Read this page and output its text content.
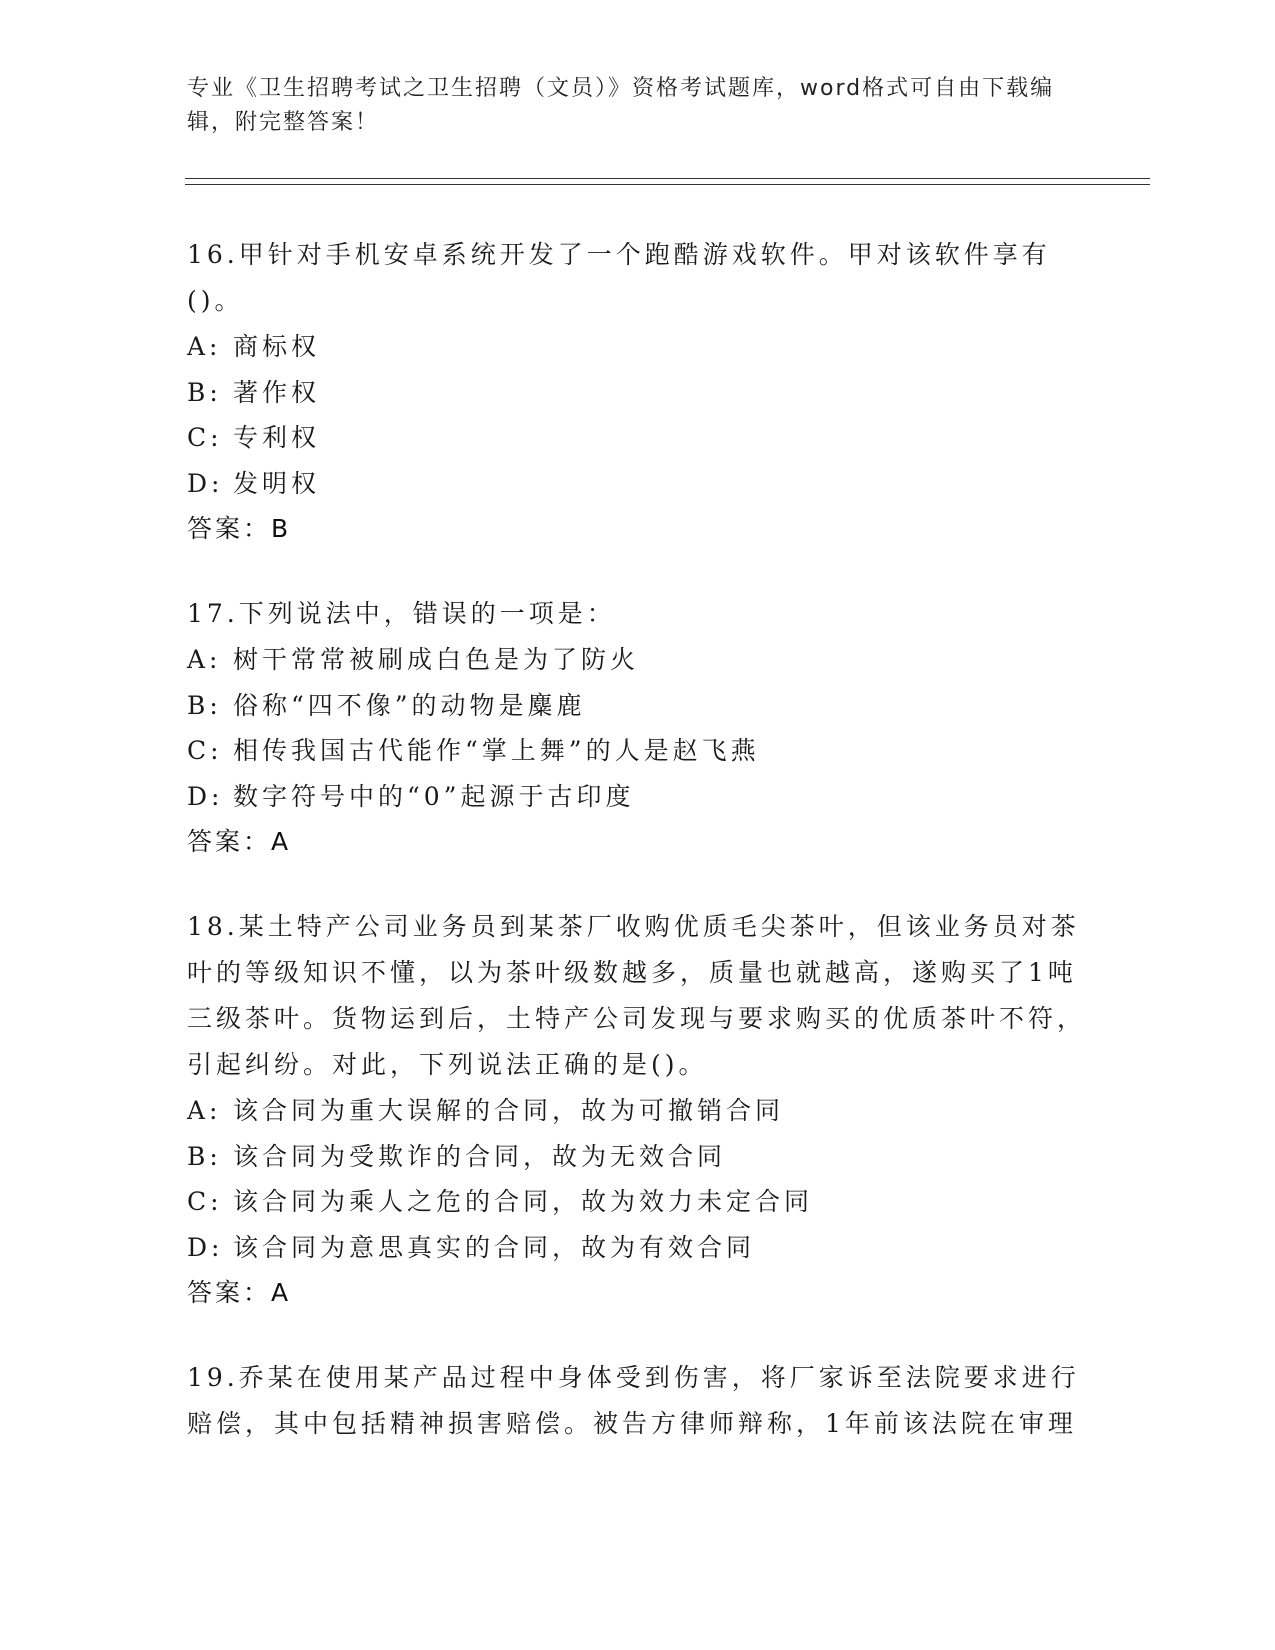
专业《卫生招聘考试之卫生招聘（文员）》资格考试题库，word格式可自由下载编辑，附完整答案！

16.甲针对手机安卓系统开发了一个跑酷游戏软件。甲对该软件享有()。

A: 商标权

B: 著作权

C: 专利权

D: 发明权

答案：B

17.下列说法中，错误的一项是：

A: 树干常常被刷成白色是为了防火

B: 俗称“四不像”的动物是麋鹿

C: 相传我国古代能作“掌上舞”的人是赵飞燕

D: 数字符号中的“0”起源于古印度

答案：A

18.某土特产公司业务员到某茶厂收购优质毛尖茶叶，但该业务员对茶叶的等级知识不懂，以为茶叶级数越多，质量也就越高，遂购买了1吨三级茶叶。货物运到后，土特产公司发现与要求购买的优质茶叶不符，引起纠纷。对此，下列说法正确的是()。

A: 该合同为重大误解的合同，故为可撤销合同

B: 该合同为受欺诈的合同，故为无效合同

C: 该合同为乘人之危的合同，故为效力未定合同

D: 该合同为意思真实的合同，故为有效合同

答案：A

19.乔某在使用某产品过程中身体受到伤害，将厂家诉至法院要求进行赔偿，其中包括精神损害赔偿。被告方律师辩称，1年前该法院在审理
